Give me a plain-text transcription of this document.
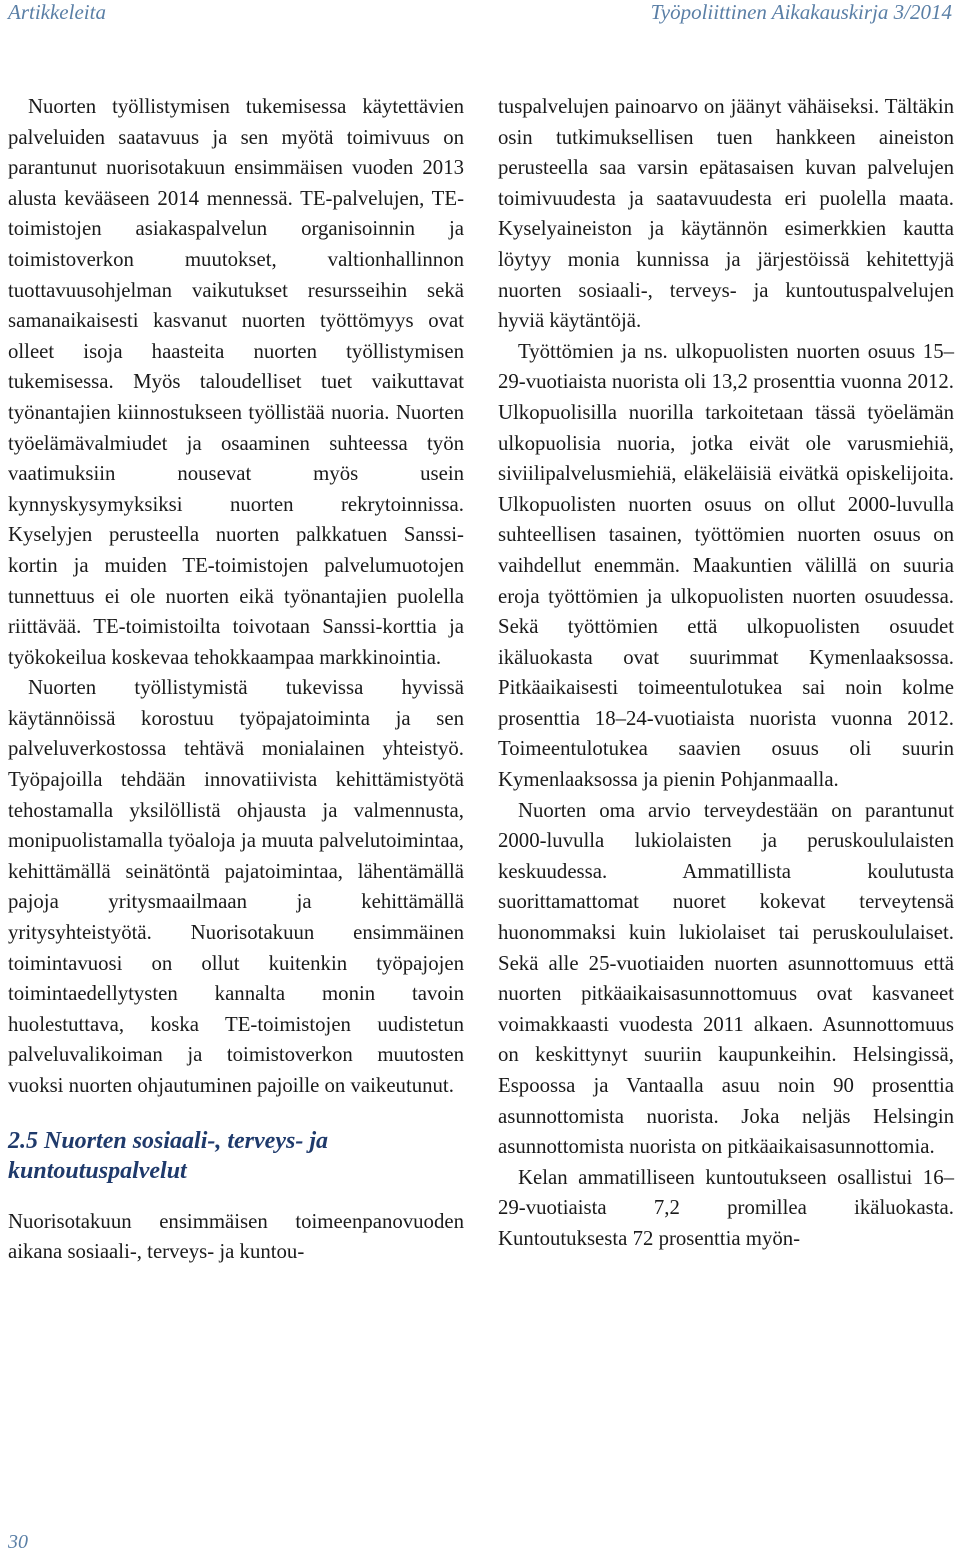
Artikkeleita	Työpoliittinen Aikakauskirja 3/2014

Nuorten työllistymisen tukemisessa käytettävien palveluiden saatavuus ja sen myötä toimivuus on parantunut nuorisotakuun ensimmäisen vuoden 2013 alusta kevääseen 2014 mennessä. TE-palvelujen, TE-toimistojen asiakaspalvelun organisoinnin ja toimistoverkon muutokset, valtionhallinnon tuottavuusohjelman vaikutukset resursseihin sekä samanaikaisesti kasvanut nuorten työttömyys ovat olleet isoja haasteita nuorten työllistymisen tukemisessa. Myös taloudelliset tuet vaikuttavat työnantajien kiinnostukseen työllistää nuoria. Nuorten työelämävalmiudet ja osaaminen suhteessa työn vaatimuksiin nousevat myös usein kynnyskysymyksiksi nuorten rekrytoinnissa. Kyselyjen perusteella nuorten palkkatuen Sanssi-kortin ja muiden TE-toimistojen palvelumuotojen tunnettuus ei ole nuorten eikä työnantajien puolella riittävää. TE-toimistoilta toivotaan Sanssi-korttia ja työkokeilua koskevaa tehokkaampaa markkinointia.

Nuorten työllistymistä tukevissa hyvissä käytännöissä korostuu työpajatoiminta ja sen palveluverkostossa tehtävä monialainen yhteistyö. Työpajoilla tehdään innovatiivista kehittämistyötä tehostamalla yksilöllistä ohjausta ja valmennusta, monipuolistamalla työaloja ja muuta palvelutoimintaa, kehittämällä seinätöntä pajatoimintaa, lähentämällä pajoja yritysmaailmaan ja kehittämällä yritysyhteistyötä. Nuorisotakuun ensimmäinen toimintavuosi on ollut kuitenkin työpajojen toimintaedellytysten kannalta monin tavoin huolestuttava, koska TE-toimistojen uudistetun palveluvalikoiman ja toimistoverkon muutosten vuoksi nuorten ohjautuminen pajoille on vaikeutunut.

2.5 Nuorten sosiaali-, terveys- ja kuntoutuspalvelut

Nuorisotakuun ensimmäisen toimeenpanovuoden aikana sosiaali-, terveys- ja kuntou-

tuspalvelujen painoarvo on jäänyt vähäiseksi. Tältäkin osin tutkimuksellisen tuen hankkeen aineiston perusteella saa varsin epätasaisen kuvan palvelujen toimivuudesta ja saatavuudesta eri puolella maata. Kyselyaineiston ja käytännön esimerkkien kautta löytyy monia kunnissa ja järjestöissä kehitettyjä nuorten sosiaali-, terveys- ja kuntoutuspalvelujen hyviä käytäntöjä.

Työttömien ja ns. ulkopuolisten nuorten osuus 15–29-vuotiaista nuorista oli 13,2 prosenttia vuonna 2012. Ulkopuolisilla nuorilla tarkoitetaan tässä työelämän ulkopuolisia nuoria, jotka eivät ole varusmiehiä, siviilipalvelusmiehiä, eläkeläisiä eivätkä opiskelijoita. Ulkopuolisten nuorten osuus on ollut 2000-luvulla suhteellisen tasainen, työttömien nuorten osuus on vaihdellut enemmän. Maakuntien välillä on suuria eroja työttömien ja ulkopuolisten nuorten osuudessa. Sekä työttömien että ulkopuolisten osuudet ikäluokasta ovat suurimmat Kymenlaaksossa. Pitkäaikaisesti toimeentulotukea sai noin kolme prosenttia 18–24-vuotiaista nuorista vuonna 2012. Toimeentulotukea saavien osuus oli suurin Kymenlaaksossa ja pienin Pohjanmaalla.

Nuorten oma arvio terveydestään on parantunut 2000-luvulla lukiolaisten ja peruskoululaisten keskuudessa. Ammatillista koulutusta suorittamattomat nuoret kokevat terveytensä huonommaksi kuin lukiolaiset tai peruskoululaiset. Sekä alle 25-vuotiaiden nuorten asunnottomuus että nuorten pitkäaikaisasunnottomuus ovat kasvaneet voimakkaasti vuodesta 2011 alkaen. Asunnottomuus on keskittynyt suuriin kaupunkeihin. Helsingissä, Espoossa ja Vantaalla asuu noin 90 prosenttia asunnottomista nuorista. Joka neljäs Helsingin asunnottomista nuorista on pitkäaikaisasunnottomia.

Kelan ammatilliseen kuntoutukseen osallistui 16–29-vuotiaista 7,2 promillea ikäluokasta. Kuntoutuksesta 72 prosenttia myön-

30
